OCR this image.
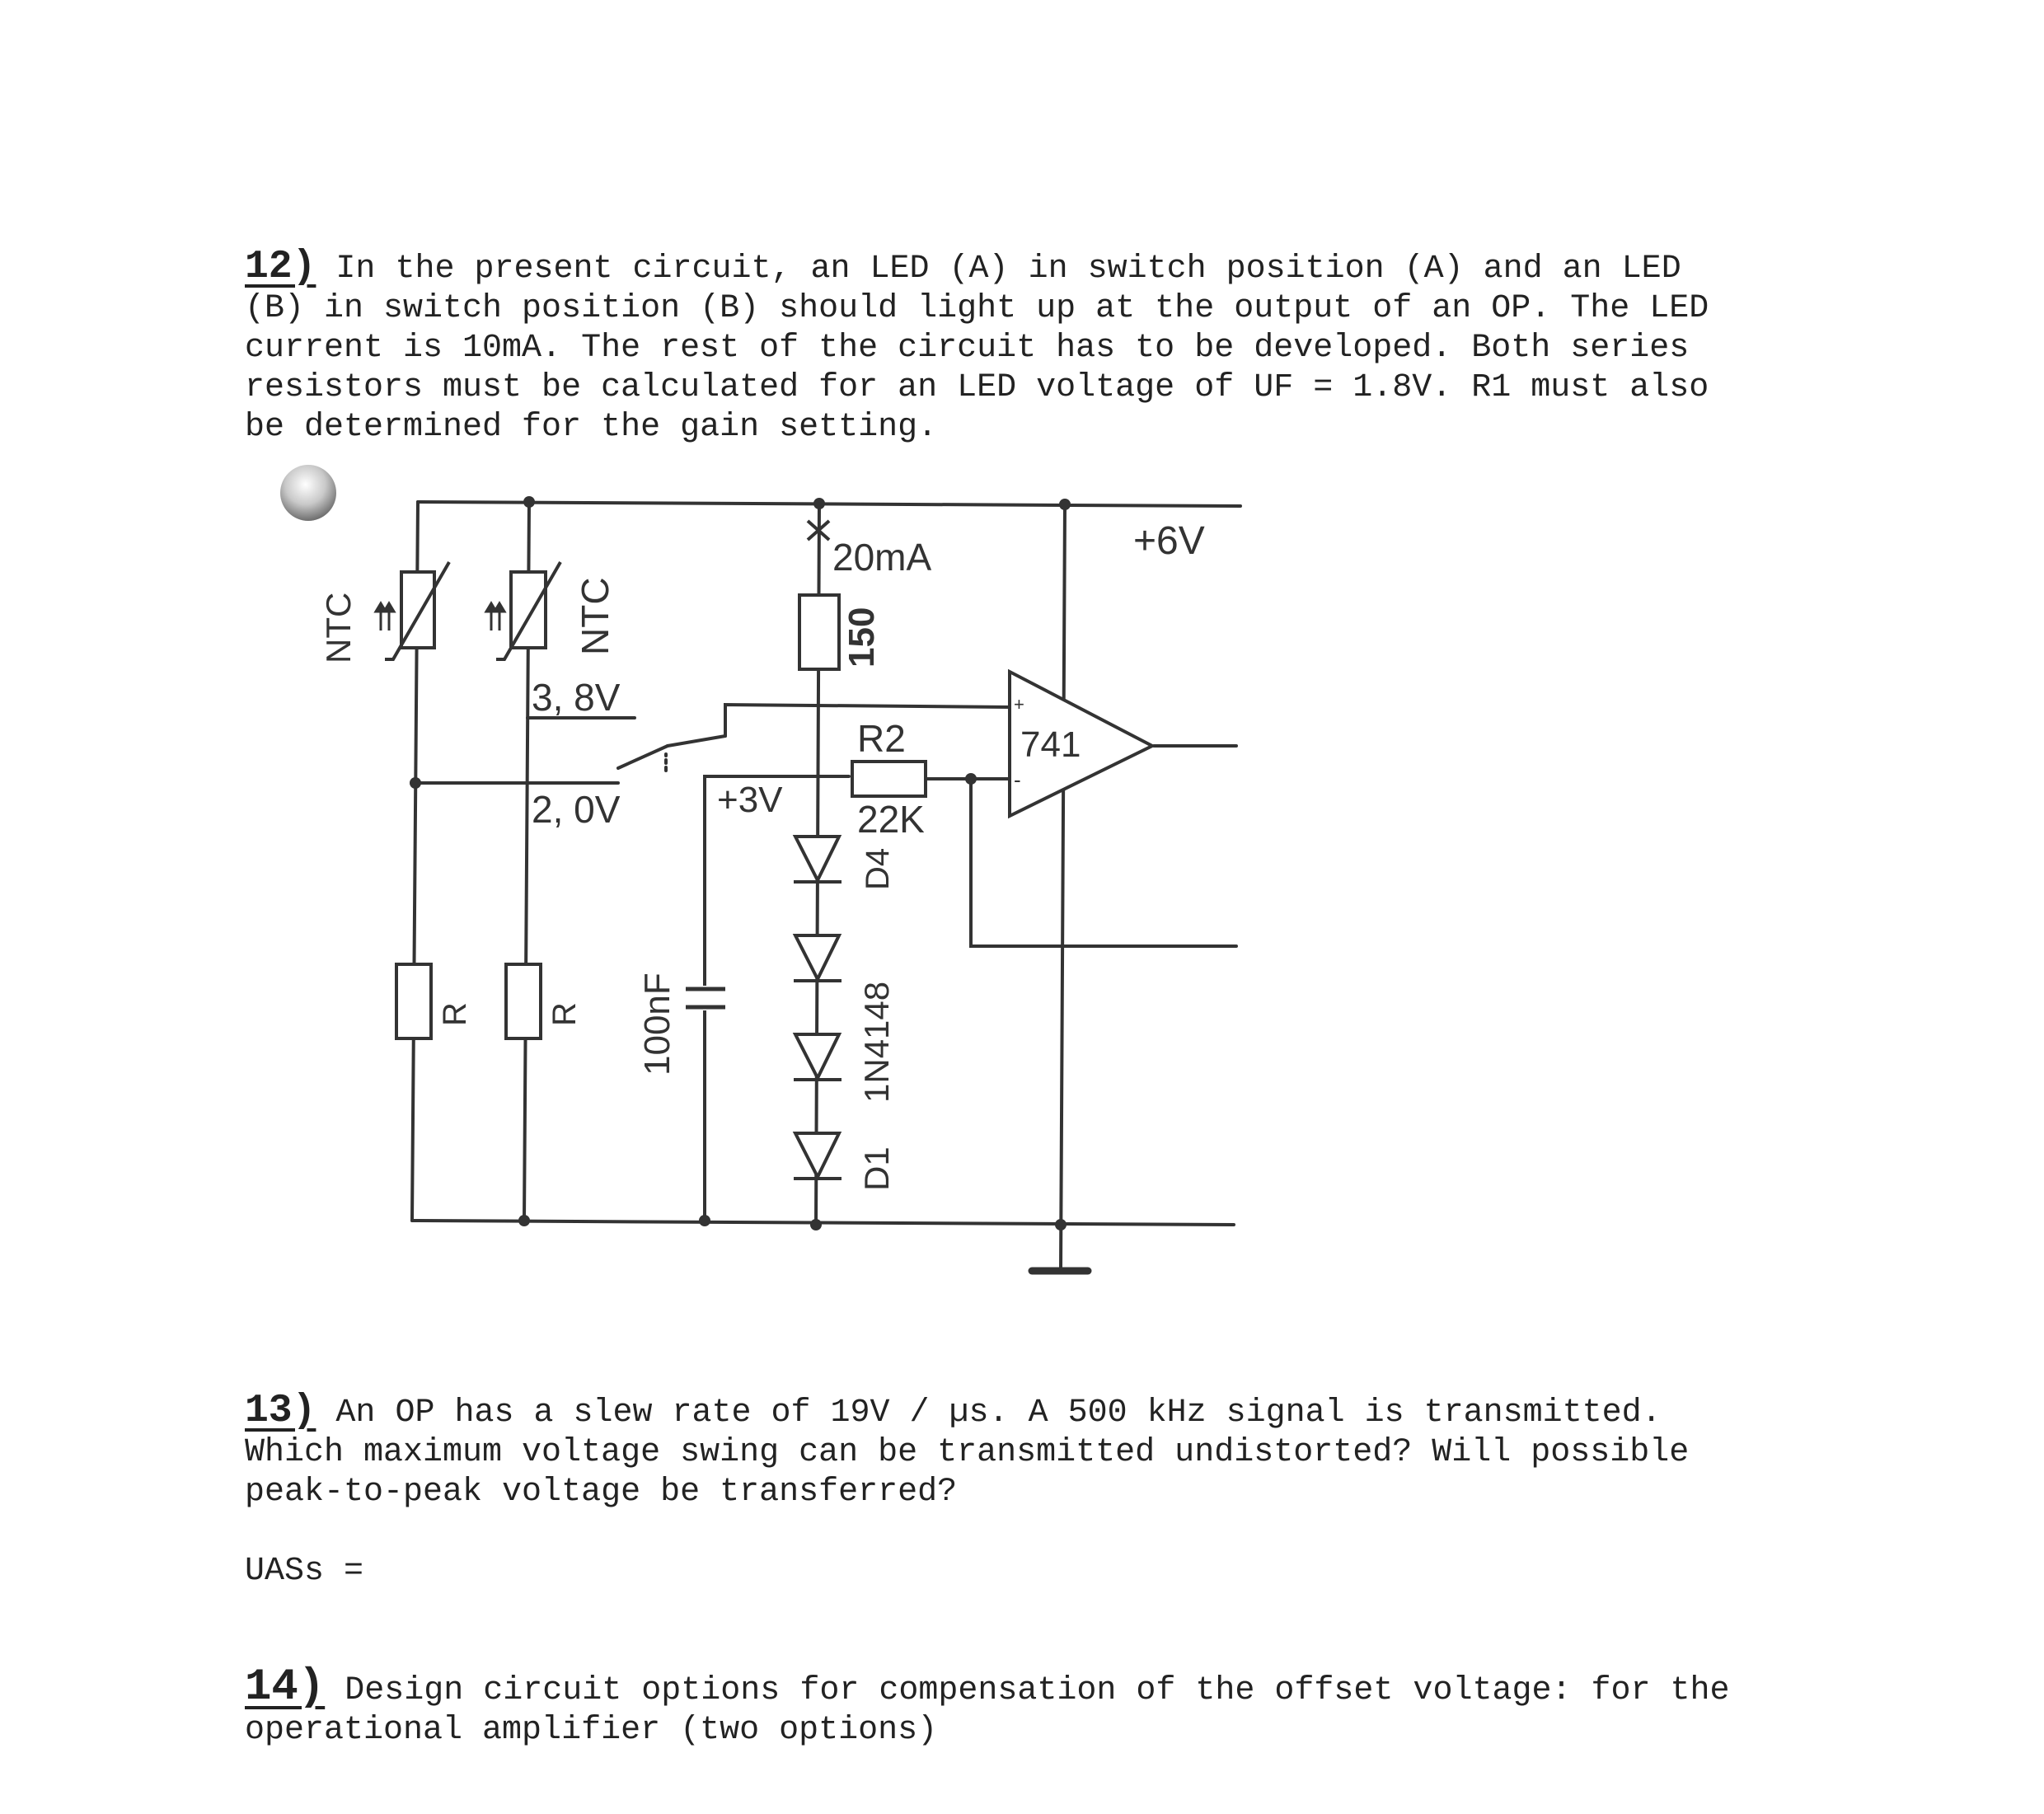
12) In the present circuit, an LED (A) in switch position (A) and an LED

(B) in switch position (B) should light up at the output of an OP. The LED

current is 10mA. The rest of the circuit has to be developed. Both series

resistors must be calculated for an LED voltage of UF = 1.8V. R1 must also

be determined for the gain setting.

+6V
20mA
150
3, 8V
2, 0V
R2
22K
+3V
741
+
-
NTC	NTC
R R 100nF
D4
1N4148
D1

13) An OP has a slew rate of 19V / µs. A 500 kHz signal is transmitted.

Which maximum voltage swing can be transmitted undistorted? Will possible

peak-to-peak voltage be transferred?

UASs =

14) Design circuit options for compensation of the offset voltage: for the

operational amplifier (two options)
